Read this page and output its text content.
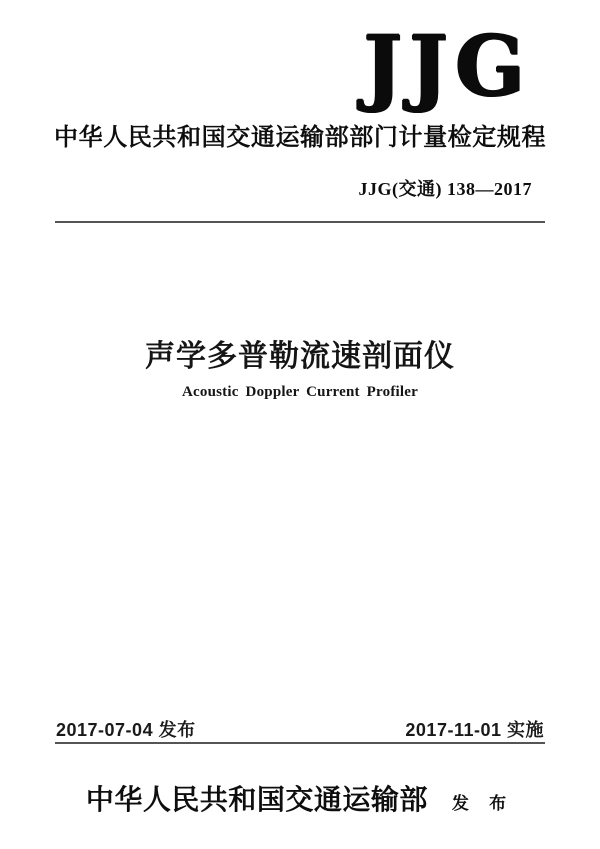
JJG
中华人民共和国交通运输部部门计量检定规程
JJG(交通) 138—2017
声学多普勒流速剖面仪
Acoustic Doppler Current Profiler
2017-07-04 发布	2017-11-01 实施
中华人民共和国交通运输部 发 布
